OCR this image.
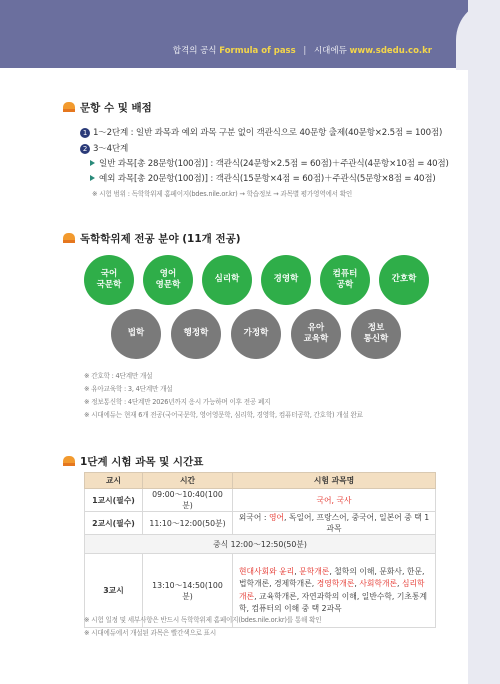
합격의 공식 Formula of pass | 시대에듀 www.sdedu.co.kr
문항 수 및 배점
1 1～2단계 : 일반 과목과 예외 과목 구분 없이 객관식으로 40문항 출제(40문항×2.5점 = 100점)
2 3～4단계
일반 과목[총 28문항(100점)] : 객관식(24문항×2.5점 = 60점)＋주관식(4문항×10점 = 40점)
예외 과목[총 20문항(100점)] : 객관식(15문항×4점 = 60점)＋주관식(5문항×8점 = 40점)
※ 시험 범위 : 독학학위제 홈페이지(bdes.nile.or.kr) → 학습정보 → 과목별 평가영역에서 확인
독학학위제 전공 분야 (11개 전공)
국어
국문학
영어
영문학
심리학	경영학
컴퓨터
공학
간호학
법학	행정학	가정학
유아
교육학
정보
통신학
※ 간호학 : 4단계만 개설
※ 유아교육학 : 3, 4단계만 개설
※ 정보통신학 : 4단계만 2026년까지 응시 가능하며 이후 전공 폐지
※ 시대에듀는 현재 6개 전공(국어국문학, 영어영문학, 심리학, 경영학, 컴퓨터공학, 간호학) 개설 완료
1단계 시험 과목 및 시간표
교시	시간	시험 과목명
1교시(필수)	09:00～10:40(100분)	국어, 국사
2교시(필수)	11:10～12:00(50분)	외국어 : 영어, 독일어, 프랑스어, 중국어, 일본어 중 택 1과목
중식 12:00～12:50(50분)		
3교시	13:10～14:50(100분)	현대사회와 윤리, 문학개론, 철학의 이해, 문화사, 한문, 법학개론, 경제학개론, 경영학개론, 사회학개론, 심리학개론, 교육학개론, 자연과학의 이해, 일반수학, 기초통계학, 컴퓨터의 이해 중 택 2과목
※ 시험 일정 및 세부사항은 반드시 독학학위제 홈페이지(bdes.nile.or.kr)를 통해 확인
※ 시대에듀에서 개설된 과목은 빨간색으로 표시
